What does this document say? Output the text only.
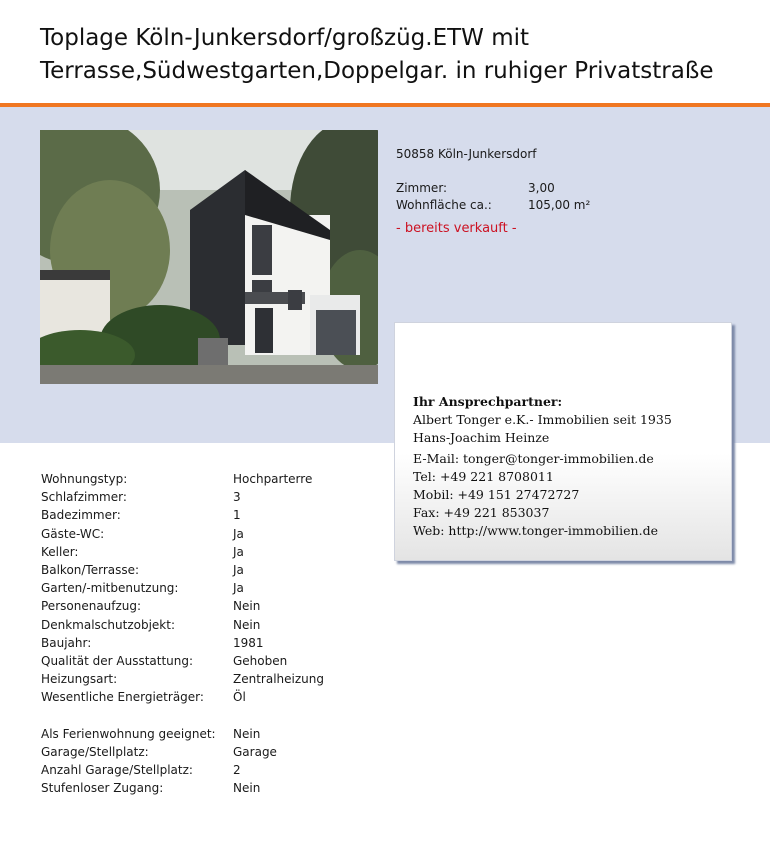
Toplage Köln-Junkersdorf/großzüg.ETW mit Terrasse,Südwestgarten,Doppelgar. in ruhiger Privatstraße
50858 Köln-Junkersdorf
Zimmer:	3,00
Wohnfläche ca.:	105,00 m²
- bereits verkauft -
Ihr Ansprechpartner:
Albert Tonger e.K.- Immobilien seit 1935
Hans-Joachim Heinze
E-Mail: tonger@tonger-immobilien.de
Tel: +49 221 8708011
Mobil: +49 151 27472727
Fax: +49 221 853037
Web: http://www.tonger-immobilien.de
Wohnungstyp:	Hochparterre
Schlafzimmer:	3
Badezimmer:	1
Gäste-WC:	Ja
Keller:	Ja
Balkon/Terrasse:	Ja
Garten/-mitbenutzung:	Ja
Personenaufzug:	Nein
Denkmalschutzobjekt:	Nein
Baujahr:	1981
Qualität der Ausstattung:	Gehoben
Heizungsart:	Zentralheizung
Wesentliche Energieträger:	Öl
Als Ferienwohnung geeignet:	Nein
Garage/Stellplatz:	Garage
Anzahl Garage/Stellplatz:	2
Stufenloser Zugang:	Nein
